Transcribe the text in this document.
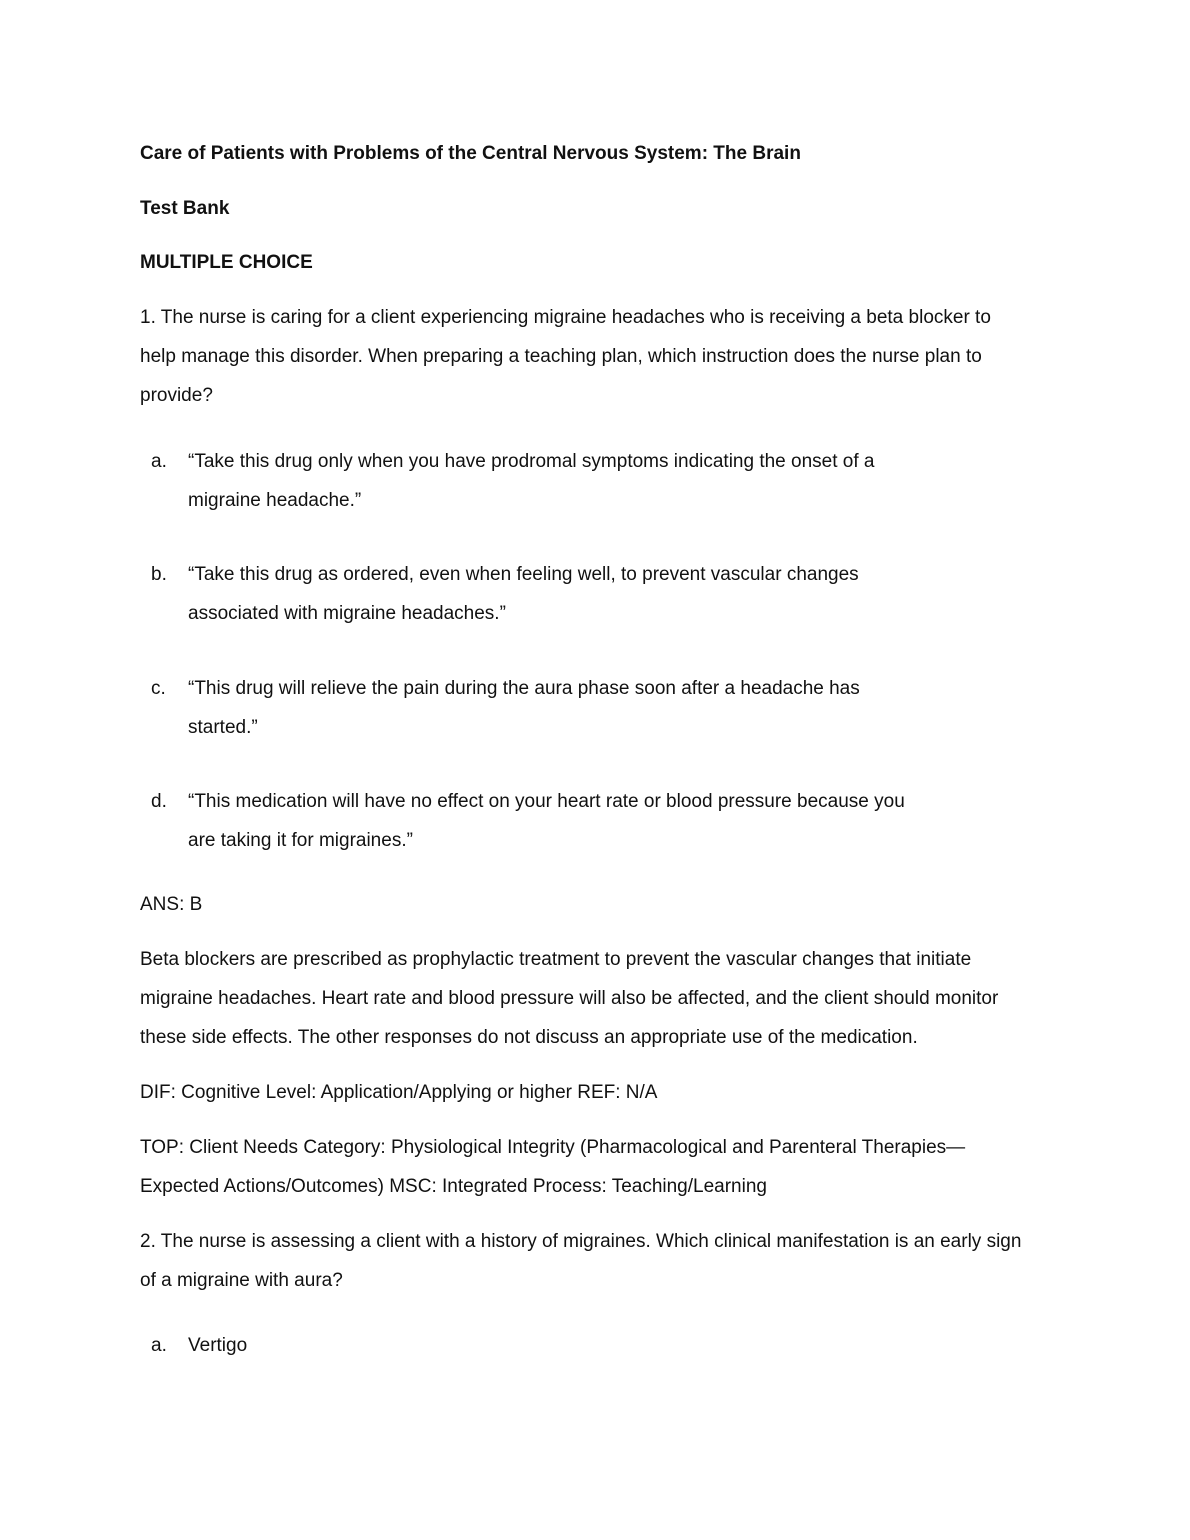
Care of Patients with Problems of the Central Nervous System: The Brain
Test Bank
MULTIPLE CHOICE
1. The nurse is caring for a client experiencing migraine headaches who is receiving a beta blocker to
help manage this disorder. When preparing a teaching plan, which instruction does the nurse plan to
provide?
a. “Take this drug only when you have prodromal symptoms indicating the onset of a
migraine headache.”
b. “Take this drug as ordered, even when feeling well, to prevent vascular changes
associated with migraine headaches.”
c. “This drug will relieve the pain during the aura phase soon after a headache has
started.”
d. “This medication will have no effect on your heart rate or blood pressure because you
are taking it for migraines.”
ANS: B
Beta blockers are prescribed as prophylactic treatment to prevent the vascular changes that initiate
migraine headaches. Heart rate and blood pressure will also be affected, and the client should monitor
these side effects. The other responses do not discuss an appropriate use of the medication.
DIF: Cognitive Level: Application/Applying or higher REF: N/A
TOP: Client Needs Category: Physiological Integrity (Pharmacological and Parenteral Therapies—
Expected Actions/Outcomes) MSC: Integrated Process: Teaching/Learning
2. The nurse is assessing a client with a history of migraines. Which clinical manifestation is an early sign
of a migraine with aura?
a. Vertigo
